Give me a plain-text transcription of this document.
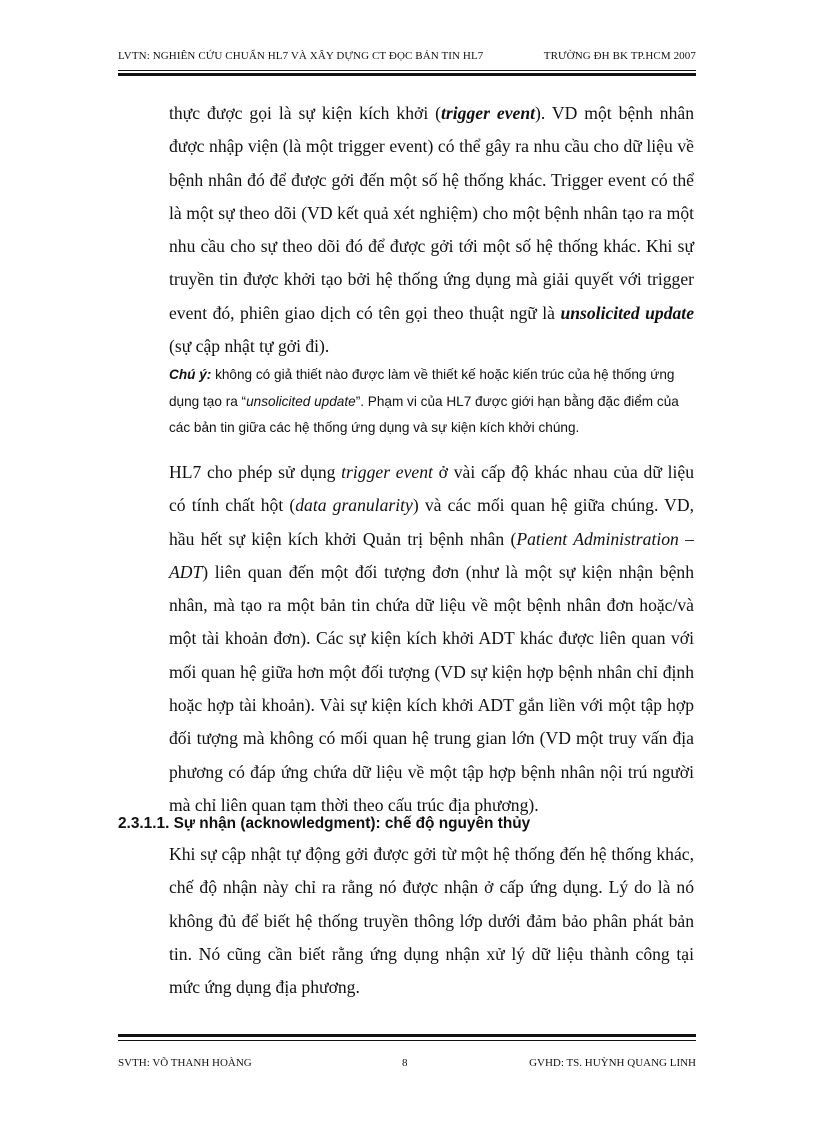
LVTN: NGHIÊN CỨU CHUẨN HL7 VÀ XÂY DỰNG CT ĐỌC BẢN TIN HL7	TRƯỜNG ĐH BK TP.HCM 2007
thực được gọi là sự kiện kích khởi (trigger event). VD một bệnh nhân được nhập viện (là một trigger event) có thể gây ra nhu cầu cho dữ liệu về bệnh nhân đó để được gởi đến một số hệ thống khác. Trigger event có thể là một sự theo dõi (VD kết quả xét nghiệm) cho một bệnh nhân tạo ra một nhu cầu cho sự theo dõi đó để được gởi tới một số hệ thống khác. Khi sự truyền tin được khởi tạo bởi hệ thống ứng dụng mà giải quyết với trigger event đó, phiên giao dịch có tên gọi theo thuật ngữ là unsolicited update (sự cập nhật tự gởi đi).
Chú ý: không có giả thiết nào được làm về thiết kế hoặc kiến trúc của hệ thống ứng dụng tạo ra “unsolicited update”. Phạm vi của HL7 được giới hạn bằng đặc điểm của các bản tin giữa các hệ thống ứng dụng và sự kiện kích khởi chúng.
HL7 cho phép sử dụng trigger event ở vài cấp độ khác nhau của dữ liệu có tính chất hột (data granularity) và các mối quan hệ giữa chúng. VD, hầu hết sự kiện kích khởi Quản trị bệnh nhân (Patient Administration – ADT) liên quan đến một đối tượng đơn (như là một sự kiện nhận bệnh nhân, mà tạo ra một bản tin chứa dữ liệu về một bệnh nhân đơn hoặc/và một tài khoản đơn). Các sự kiện kích khởi ADT khác được liên quan với mối quan hệ giữa hơn một đối tượng (VD sự kiện hợp bệnh nhân chỉ định hoặc hợp tài khoản). Vài sự kiện kích khởi ADT gắn liền với một tập hợp đối tượng mà không có mối quan hệ trung gian lớn (VD một truy vấn địa phương có đáp ứng chứa dữ liệu về một tập hợp bệnh nhân nội trú người mà chỉ liên quan tạm thời theo cấu trúc địa phương).
2.3.1.1. Sự nhận (acknowledgment): chế độ nguyên thủy
Khi sự cập nhật tự động gởi được gởi từ một hệ thống đến hệ thống khác, chế độ nhận này chỉ ra rằng nó được nhận ở cấp ứng dụng. Lý do là nó không đủ để biết hệ thống truyền thông lớp dưới đảm bảo phân phát bản tin. Nó cũng cần biết rằng ứng dụng nhận xử lý dữ liệu thành công tại mức ứng dụng địa phương.
SVTH: VÕ THANH HOÀNG	8	GVHD: TS. HUỲNH QUANG LINH
